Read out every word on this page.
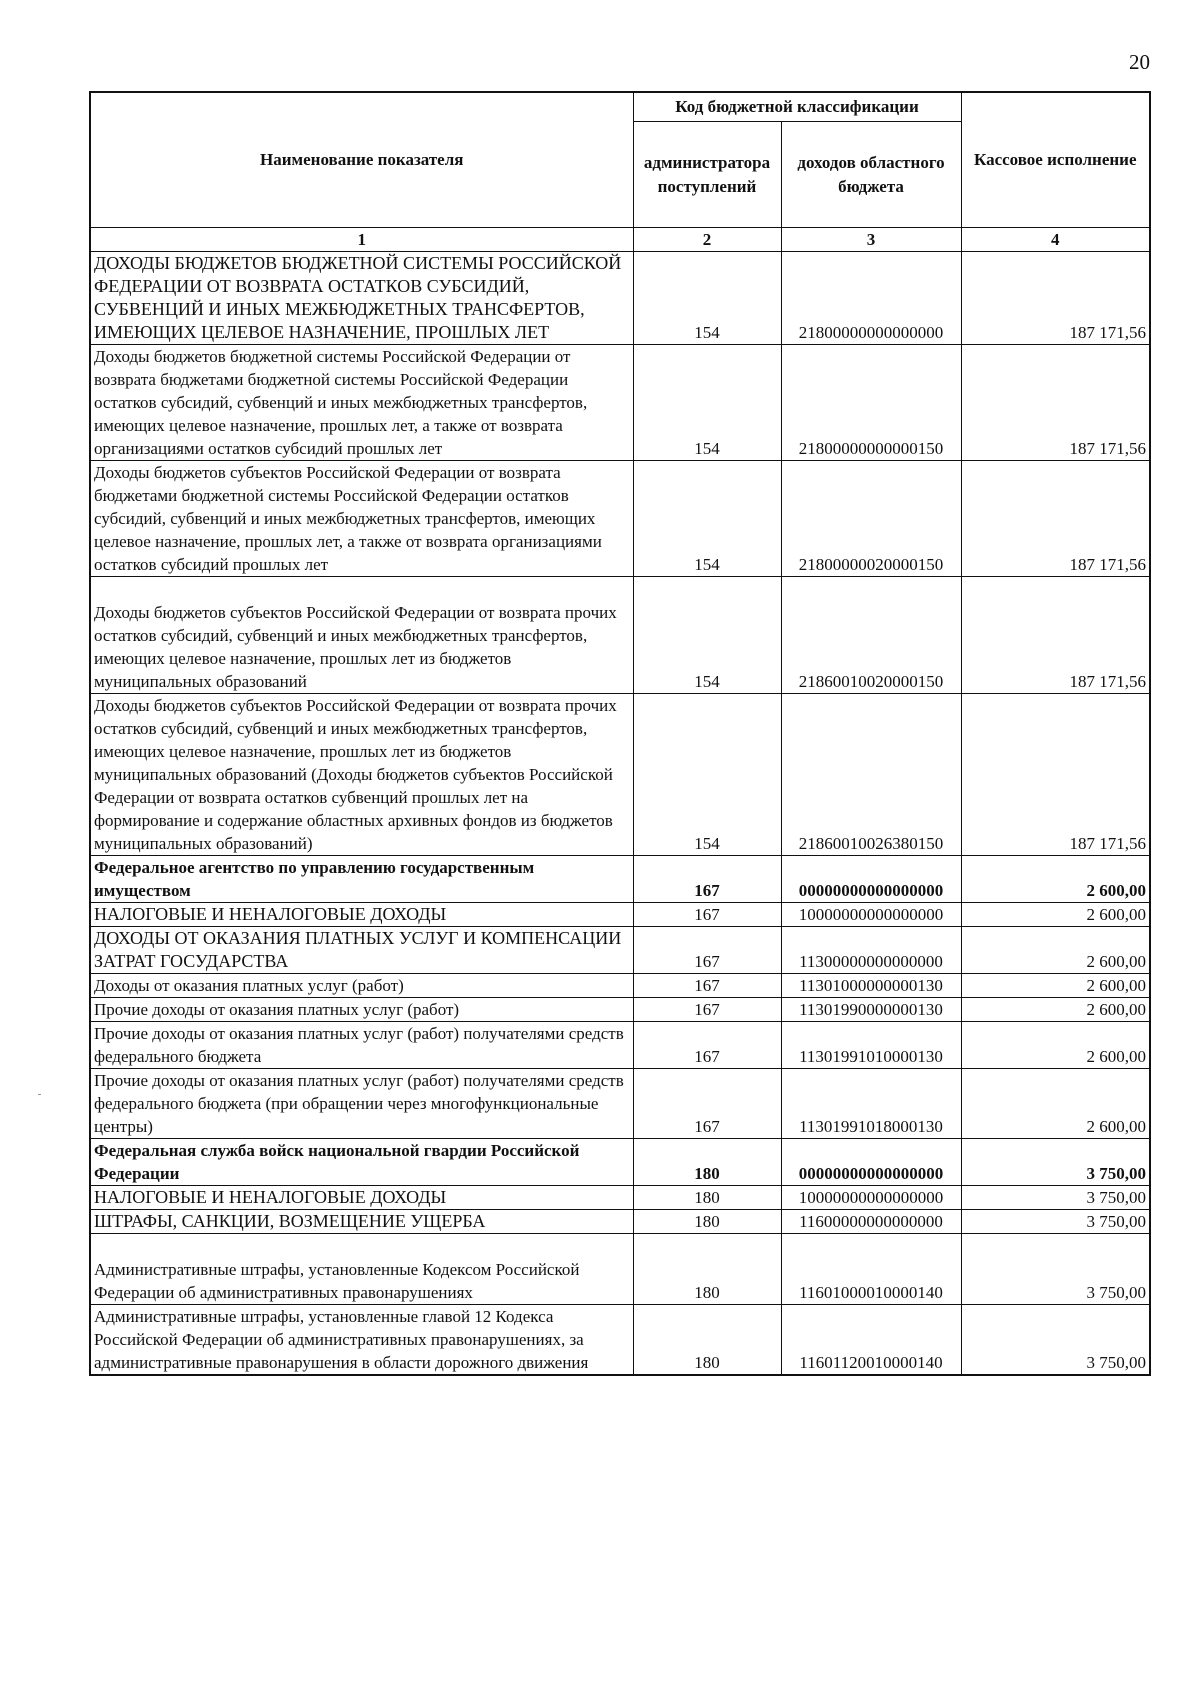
20
Наименование показателя	Код бюджетной классификации		Кассовое исполнение
	администратора поступлений	доходов областного бюджета	
1	2	3	4
ДОХОДЫ БЮДЖЕТОВ БЮДЖЕТНОЙ СИСТЕМЫ РОССИЙСКОЙ ФЕДЕРАЦИИ ОТ ВОЗВРАТА ОСТАТКОВ СУБСИДИЙ, СУБВЕНЦИЙ И ИНЫХ МЕЖБЮДЖЕТНЫХ ТРАНСФЕРТОВ, ИМЕЮЩИХ ЦЕЛЕВОЕ НАЗНАЧЕНИЕ, ПРОШЛЫХ ЛЕТ	154	21800000000000000	187 171,56
Доходы бюджетов бюджетной системы Российской Федерации от возврата бюджетами бюджетной системы Российской Федерации остатков субсидий, субвенций и иных межбюджетных трансфертов, имеющих целевое назначение, прошлых лет, а также от возврата организациями остатков субсидий прошлых лет	154	21800000000000150	187 171,56
Доходы бюджетов субъектов Российской Федерации от возврата бюджетами бюджетной системы Российской Федерации остатков субсидий, субвенций и иных межбюджетных трансфертов, имеющих целевое назначение, прошлых лет, а также от возврата организациями остатков субсидий прошлых лет	154	21800000020000150	187 171,56
Доходы бюджетов субъектов Российской Федерации от возврата прочих остатков субсидий, субвенций и иных межбюджетных трансфертов, имеющих целевое назначение, прошлых лет из бюджетов муниципальных образований	154	21860010020000150	187 171,56
Доходы бюджетов субъектов Российской Федерации от возврата прочих остатков субсидий, субвенций и иных межбюджетных трансфертов, имеющих целевое назначение, прошлых лет из бюджетов муниципальных образований (Доходы бюджетов субъектов Российской Федерации от возврата остатков субвенций прошлых лет на формирование и содержание областных архивных фондов из бюджетов муниципальных образований)	154	21860010026380150	187 171,56
Федеральное агентство по управлению государственным имуществом	167	00000000000000000	2 600,00
НАЛОГОВЫЕ И НЕНАЛОГОВЫЕ ДОХОДЫ	167	10000000000000000	2 600,00
ДОХОДЫ ОТ ОКАЗАНИЯ ПЛАТНЫХ УСЛУГ И КОМПЕНСАЦИИ ЗАТРАТ ГОСУДАРСТВА	167	11300000000000000	2 600,00
Доходы от оказания платных услуг (работ)	167	11301000000000130	2 600,00
Прочие доходы от оказания платных услуг (работ)	167	11301990000000130	2 600,00
Прочие доходы от оказания платных услуг (работ) получателями средств федерального бюджета	167	11301991010000130	2 600,00
Прочие доходы от оказания платных услуг (работ) получателями средств федерального бюджета (при обращении через многофункциональные центры)	167	11301991018000130	2 600,00
Федеральная служба войск национальной гвардии Российской Федерации	180	00000000000000000	3 750,00
НАЛОГОВЫЕ И НЕНАЛОГОВЫЕ ДОХОДЫ	180	10000000000000000	3 750,00
ШТРАФЫ, САНКЦИИ, ВОЗМЕЩЕНИЕ УЩЕРБА	180	11600000000000000	3 750,00
Административные штрафы, установленные Кодексом Российской Федерации об административных правонарушениях	180	11601000010000140	3 750,00
Административные штрафы, установленные главой 12 Кодекса Российской Федерации об административных правонарушениях, за административные правонарушения в области дорожного движения	180	11601120010000140	3 750,00
